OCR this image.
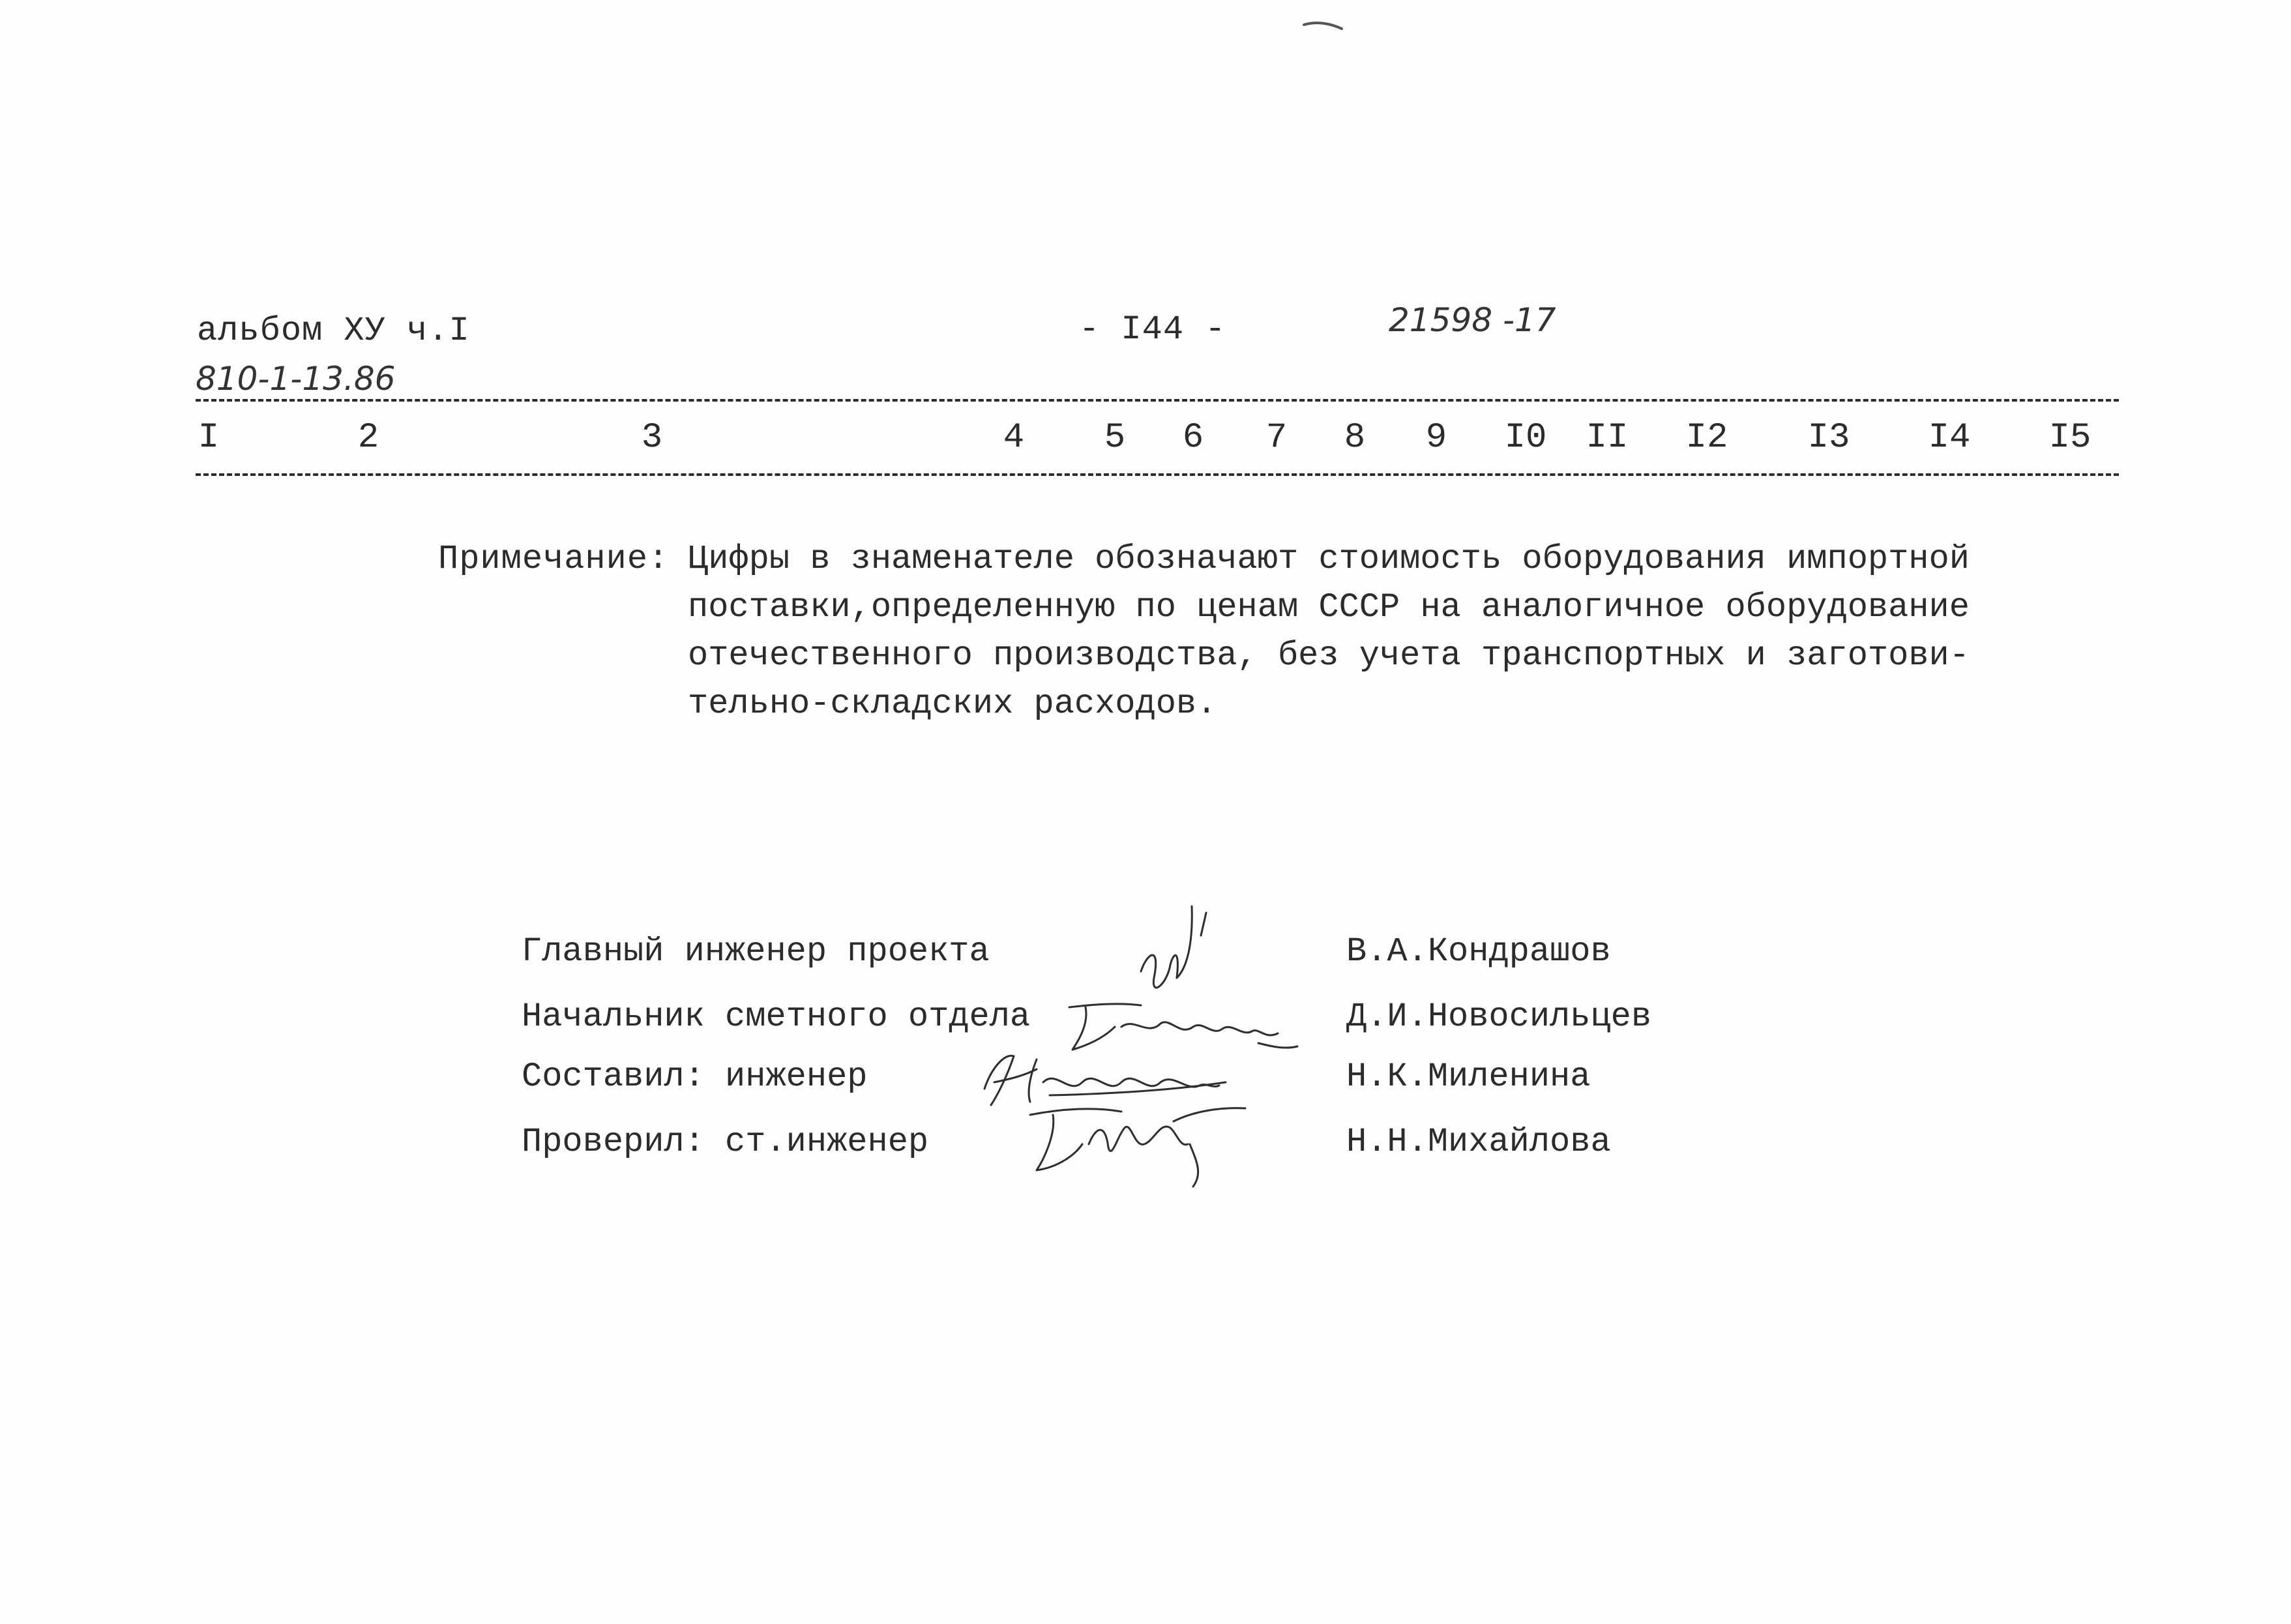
альбом XУ ч.I	- I44 -	21598 -17
810-1-13.86
I	2	3	4 5 6 7 8 9 I0 II I2 I3 I4 I5
Примечание: Цифры в знаменателе обозначают стоимость оборудования импортной
поставки,определенную по ценам СССР на аналогичное оборудование
отечественного производства, без учета транспортных и заготови-
тельно-складских расходов.
Главный инженер проекта	В.А.Кондрашов
Начальник сметного отдела	Д.И.Новосильцев
Составил: инженер	Н.К.Миленина
Проверил: ст.инженер	Н.Н.Михайлова
